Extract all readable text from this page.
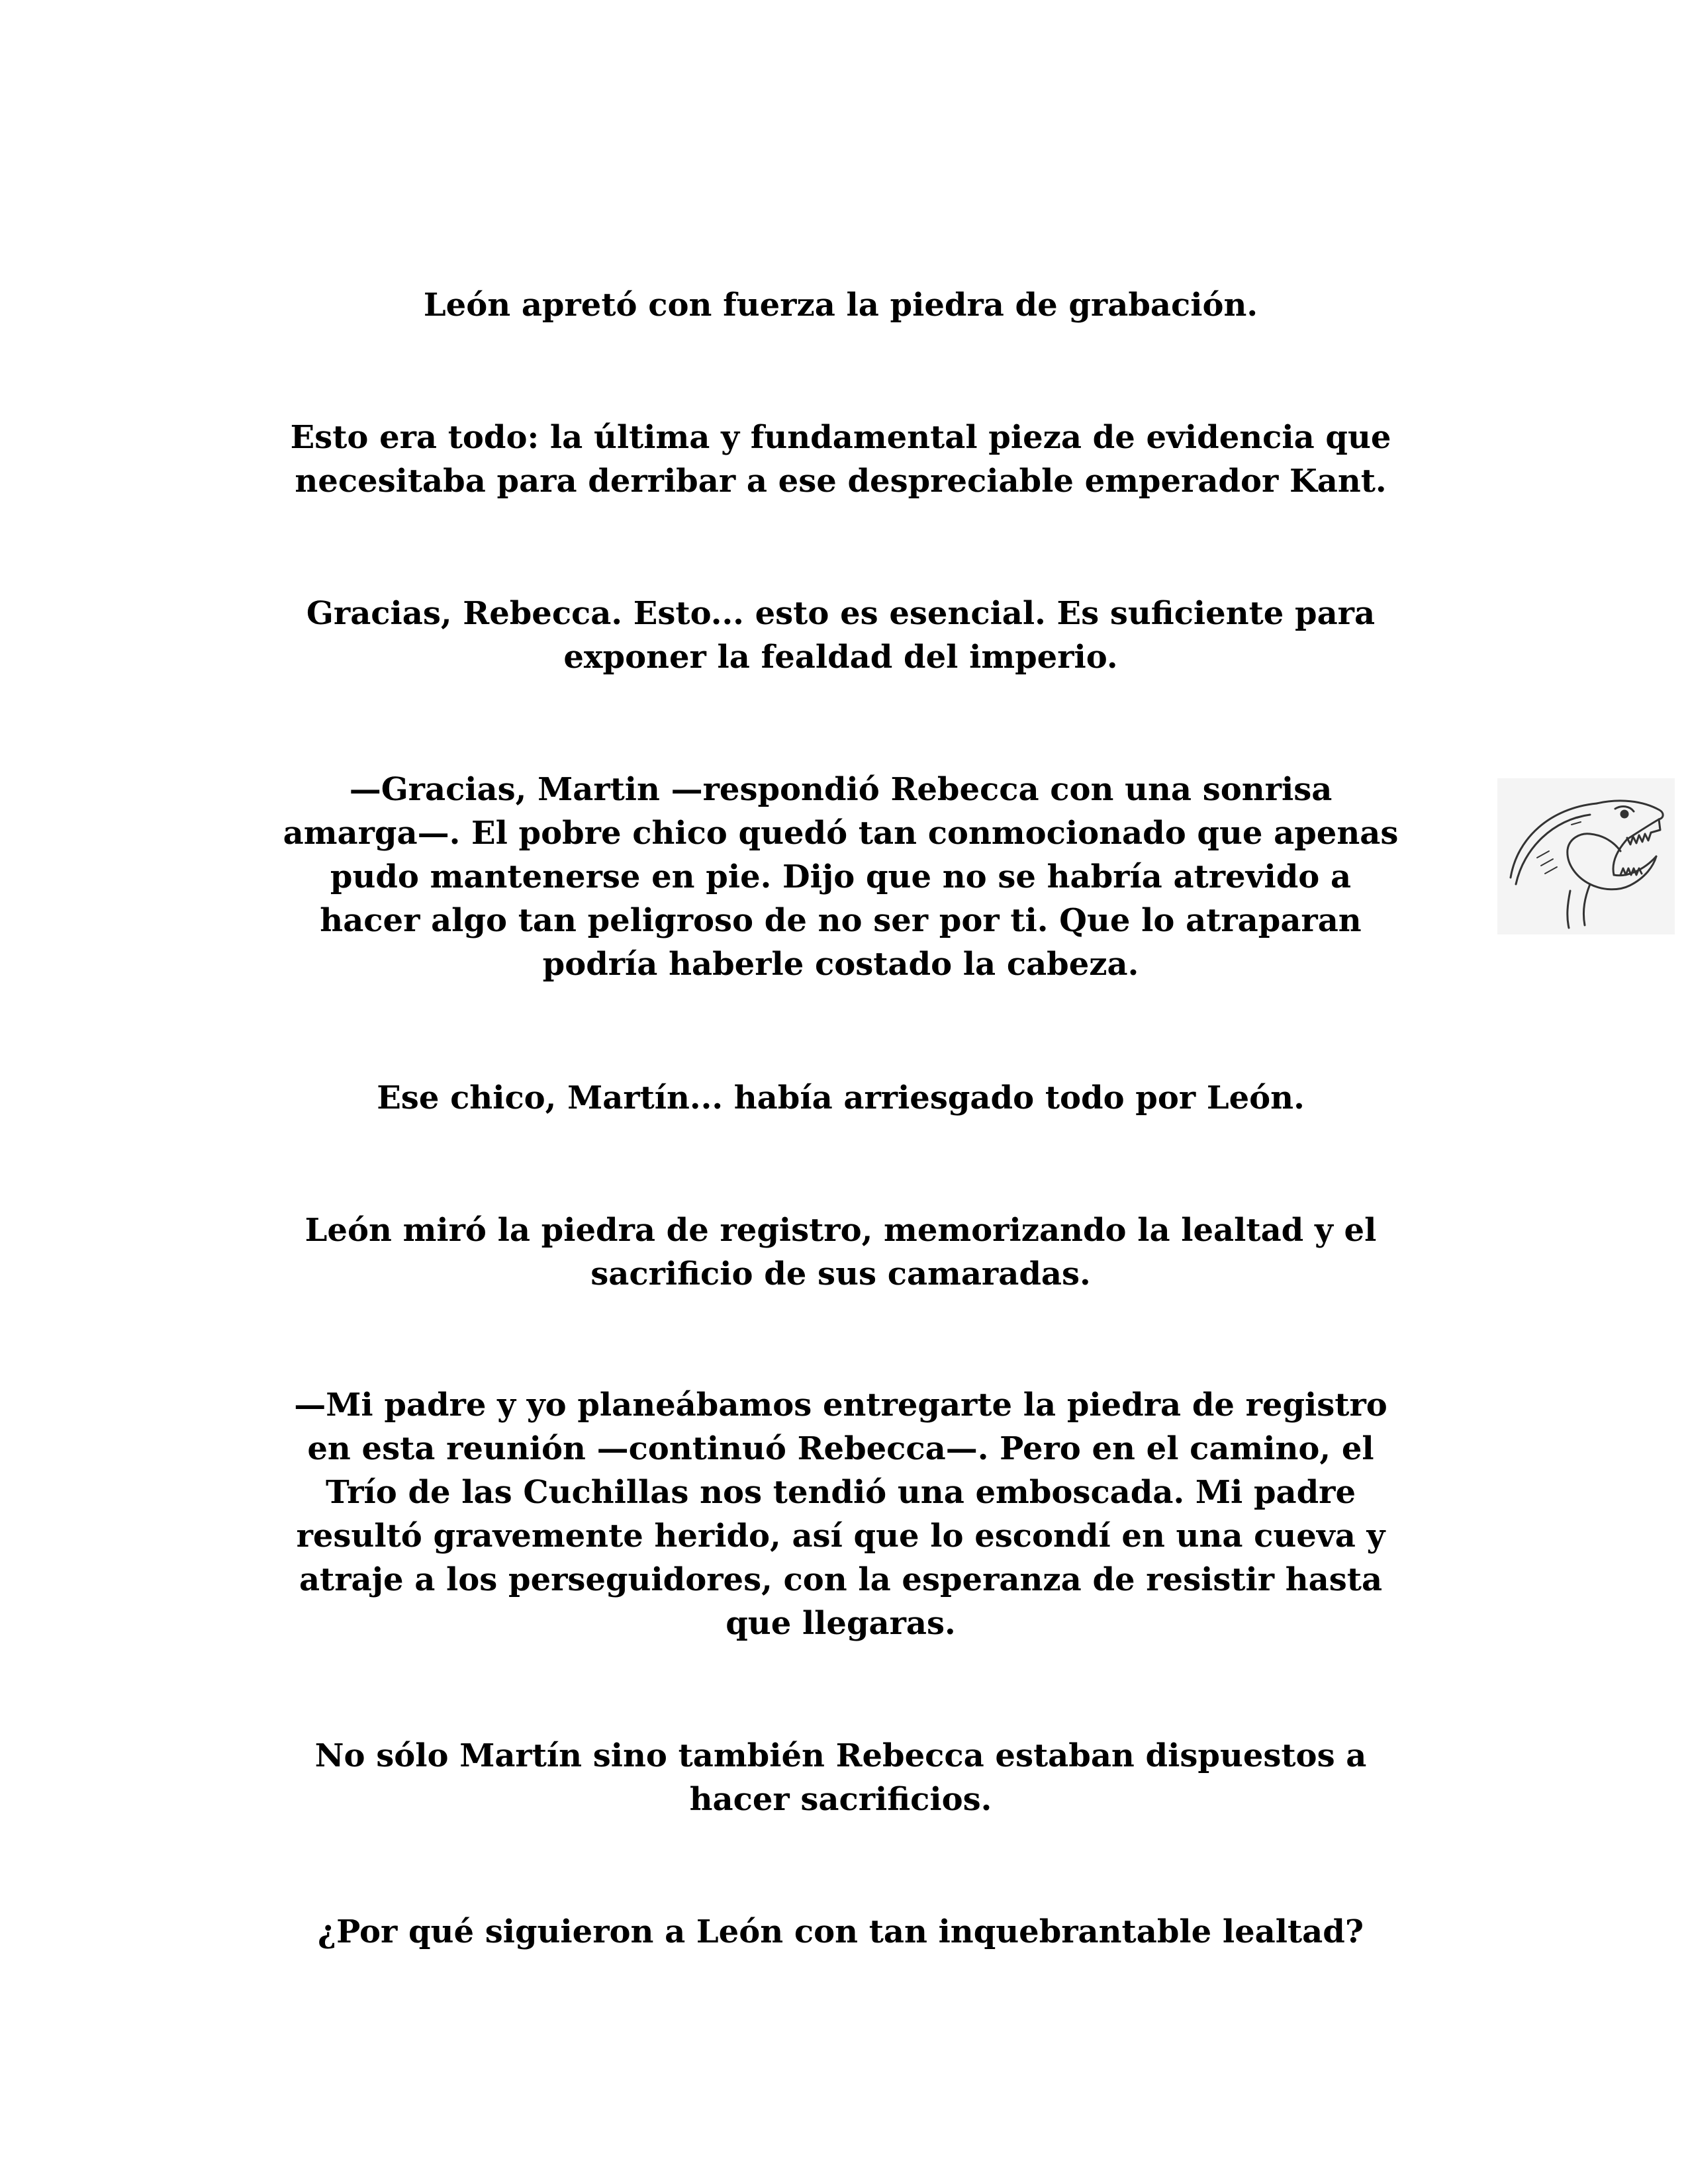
León apretó con fuerza la piedra de grabación.

Esto era todo: la última y fundamental pieza de evidencia que
necesitaba para derribar a ese despreciable emperador Kant.

Gracias, Rebecca. Esto... esto es esencial. Es suficiente para
exponer la fealdad del imperio.

—Gracias, Martin —respondió Rebecca con una sonrisa
amarga—. El pobre chico quedó tan conmocionado que apenas
pudo mantenerse en pie. Dijo que no se habría atrevido a
hacer algo tan peligroso de no ser por ti. Que lo atraparan
podría haberle costado la cabeza.

Ese chico, Martín... había arriesgado todo por León.

León miró la piedra de registro, memorizando la lealtad y el
sacrificio de sus camaradas.

—Mi padre y yo planeábamos entregarte la piedra de registro
en esta reunión —continuó Rebecca—. Pero en el camino, el
Trío de las Cuchillas nos tendió una emboscada. Mi padre
resultó gravemente herido, así que lo escondí en una cueva y
atraje a los perseguidores, con la esperanza de resistir hasta
que llegaras.

No sólo Martín sino también Rebecca estaban dispuestos a
hacer sacrificios.

¿Por qué siguieron a León con tan inquebrantable lealtad?
